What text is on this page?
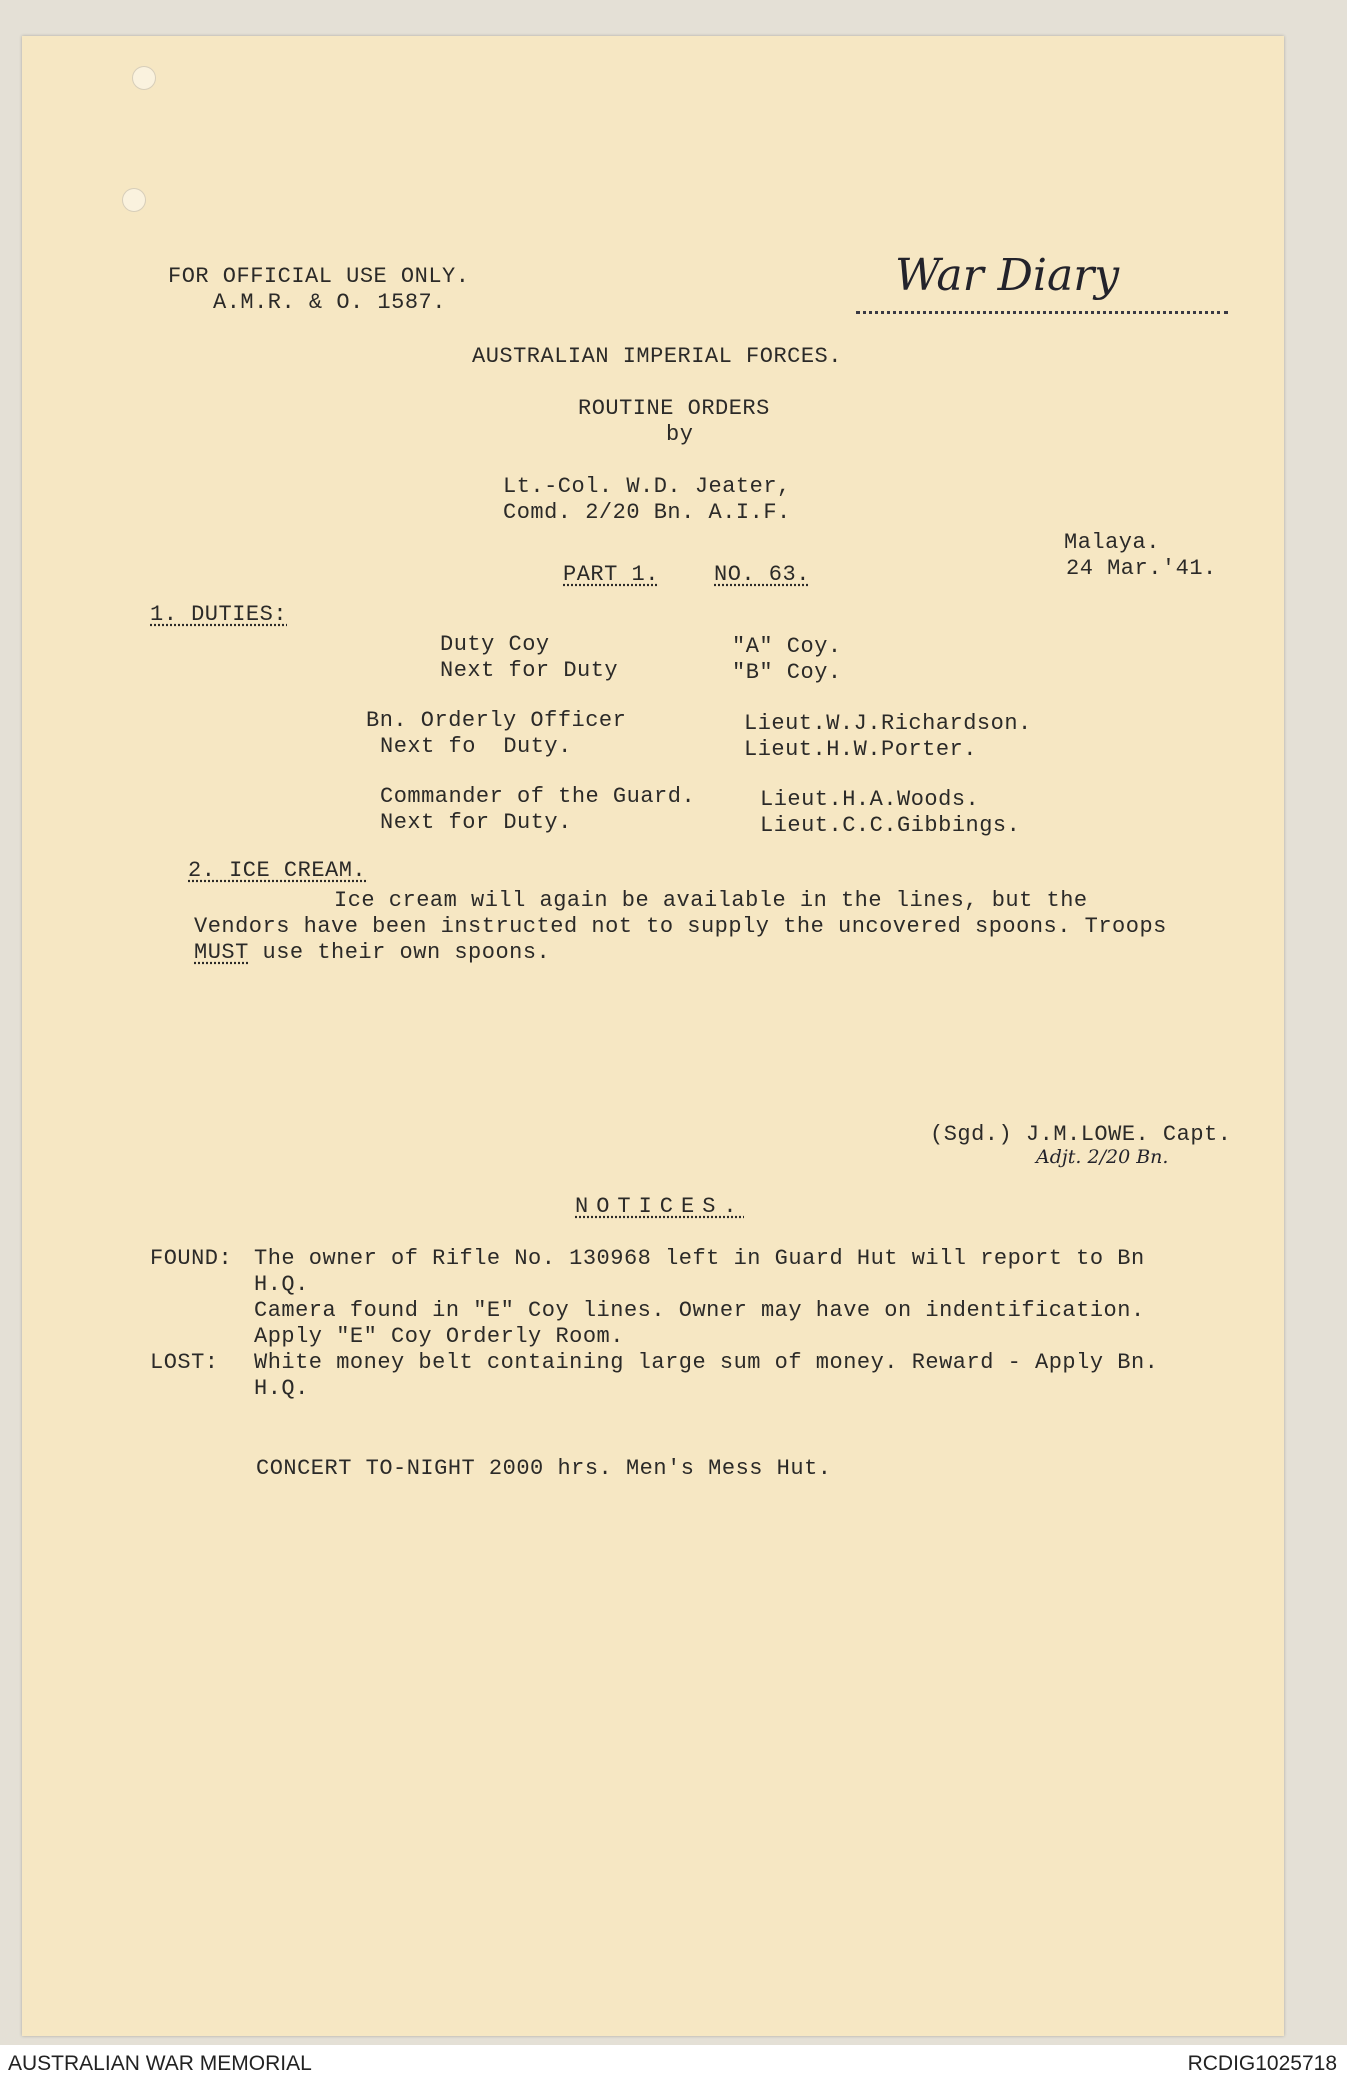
FOR OFFICIAL USE ONLY.
A.M.R. & O. 1587.
War Diary
AUSTRALIAN IMPERIAL FORCES.
ROUTINE ORDERS
by
Lt.-Col. W.D. Jeater,
Comd. 2/20 Bn. A.I.F.
Malaya.
24 Mar.'41.
PART 1.	NO. 63.
1. DUTIES:
Duty Coy	"A" Coy.
Next for Duty	"B" Coy.
Bn. Orderly Officer	Lieut.W.J.Richardson.
Next fo  Duty.	Lieut.H.W.Porter.
Commander of the Guard.	Lieut.H.A.Woods.
Next for Duty.	Lieut.C.C.Gibbings.
2. ICE CREAM.
Ice cream will again be available in the lines, but the
Vendors have been instructed not to supply the uncovered spoons. Troops
MUST use their own spoons.
(Sgd.) J.M.LOWE. Capt.
Adjt. 2/20 Bn.
NOTICES.
FOUND: The owner of Rifle No. 130968 left in Guard Hut will report to Bn
H.Q.
Camera found in "E" Coy lines. Owner may have on indentification.
Apply "E" Coy Orderly Room.
LOST: White money belt containing large sum of money. Reward - Apply Bn.
H.Q.
CONCERT TO-NIGHT 2000 hrs. Men's Mess Hut.
AUSTRALIAN WAR MEMORIAL	RCDIG1025718
